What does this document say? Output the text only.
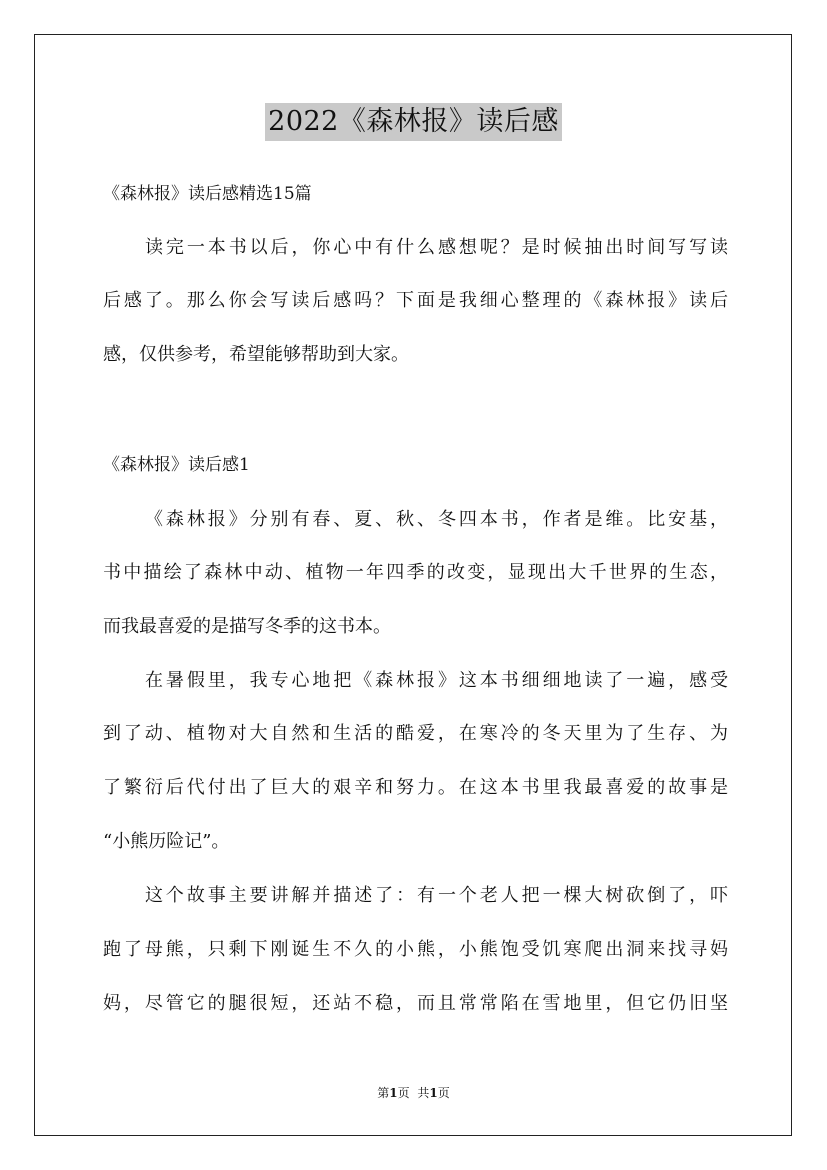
2022《森林报》读后感
《森林报》读后感精选15篇
读完一本书以后，你心中有什么感想呢？是时候抽出时间写写读
后感了。那么你会写读后感吗？下面是我细心整理的《森林报》读后
感，仅供参考，希望能够帮助到大家。
《森林报》读后感1
《森林报》分别有春、夏、秋、冬四本书，作者是维。比安基，
书中描绘了森林中动、植物一年四季的改变，显现出大千世界的生态，
而我最喜爱的是描写冬季的这书本。
在暑假里，我专心地把《森林报》这本书细细地读了一遍，感受
到了动、植物对大自然和生活的酷爱，在寒冷的冬天里为了生存、为
了繁衍后代付出了巨大的艰辛和努力。在这本书里我最喜爱的故事是
“小熊历险记”。
这个故事主要讲解并描述了：有一个老人把一棵大树砍倒了，吓
跑了母熊，只剩下刚诞生不久的小熊，小熊饱受饥寒爬出洞来找寻妈
妈，尽管它的腿很短，还站不稳，而且常常陷在雪地里，但它仍旧坚
第1页 共1页
